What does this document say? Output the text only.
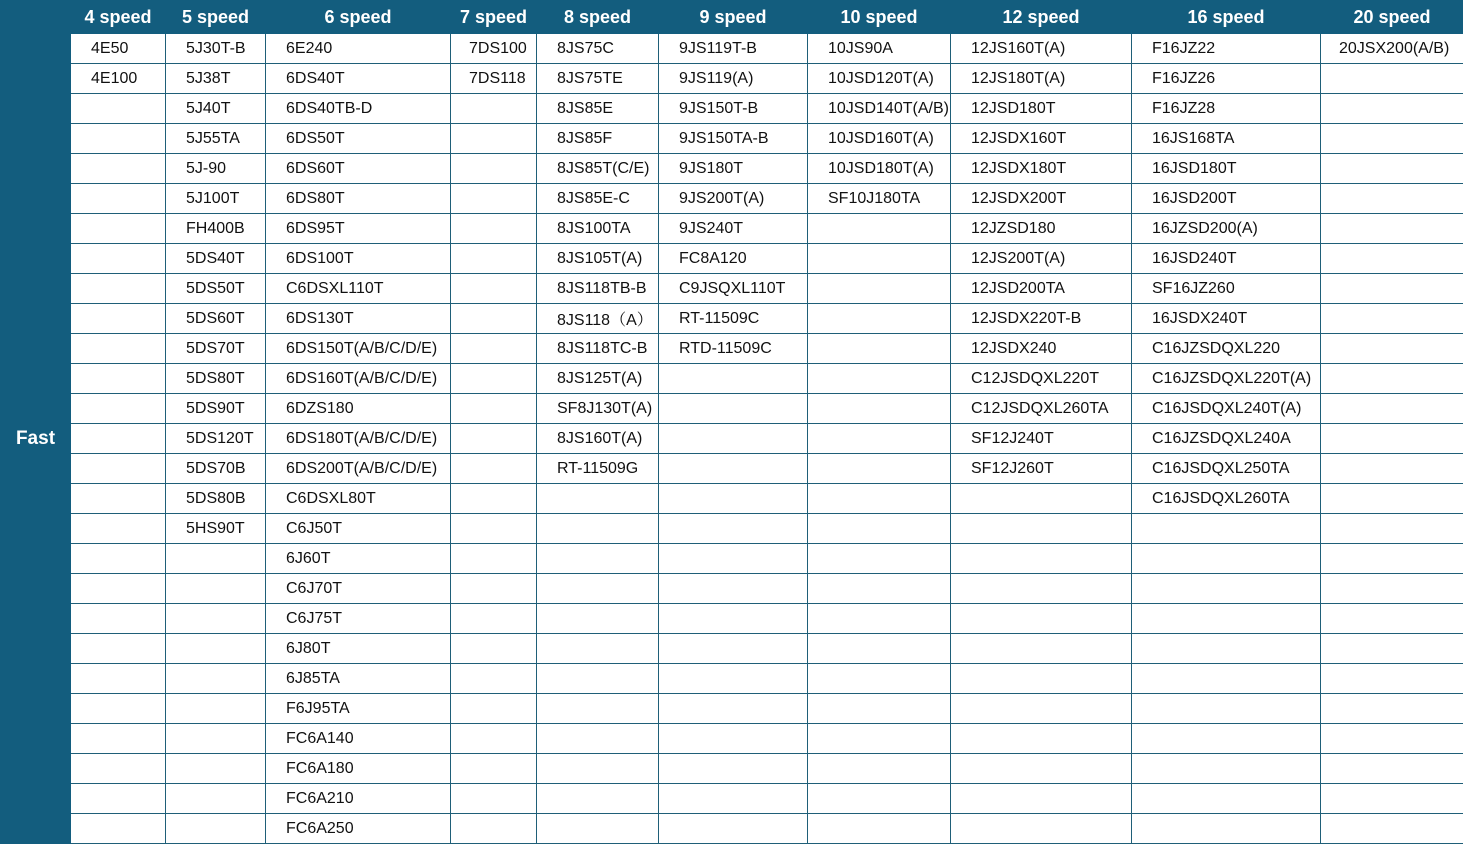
	4 speed	5 speed	6 speed	7 speed	8 speed	9 speed	10 speed	12 speed	16 speed	20 speed
Fast	4E50	5J30T-B	6E240	7DS100	8JS75C	9JS119T-B	10JS90A	12JS160T(A)	F16JZ22	20JSX200(A/B)
	4E100	5J38T	6DS40T	7DS118	8JS75TE	9JS119(A)	10JSD120T(A)	12JS180T(A)	F16JZ26	
		5J40T	6DS40TB-D		8JS85E	9JS150T-B	10JSD140T(A/B)	12JSD180T	F16JZ28	
		5J55TA	6DS50T		8JS85F	9JS150TA-B	10JSD160T(A)	12JSDX160T	16JS168TA	
		5J-90	6DS60T		8JS85T(C/E)	9JS180T	10JSD180T(A)	12JSDX180T	16JSD180T	
		5J100T	6DS80T		8JS85E-C	9JS200T(A)	SF10J180TA	12JSDX200T	16JSD200T	
		FH400B	6DS95T		8JS100TA	9JS240T		12JZSD180	16JZSD200(A)	
		5DS40T	6DS100T		8JS105T(A)	FC8A120		12JS200T(A)	16JSD240T	
		5DS50T	C6DSXL110T		8JS118TB-B	C9JSQXL110T		12JSD200TA	SF16JZ260	
		5DS60T	6DS130T		8JS118（A）	RT-11509C		12JSDX220T-B	16JSDX240T	
		5DS70T	6DS150T(A/B/C/D/E)		8JS118TC-B	RTD-11509C		12JSDX240	C16JZSDQXL220	
		5DS80T	6DS160T(A/B/C/D/E)		8JS125T(A)			C12JSDQXL220T	C16JZSDQXL220T(A)	
		5DS90T	6DZS180		SF8J130T(A)			C12JSDQXL260TA	C16JSDQXL240T(A)	
		5DS120T	6DS180T(A/B/C/D/E)		8JS160T(A)			SF12J240T	C16JZSDQXL240A	
		5DS70B	6DS200T(A/B/C/D/E)		RT-11509G			SF12J260T	C16JSDQXL250TA	
		5DS80B	C6DSXL80T						C16JSDQXL260TA	
		5HS90T	C6J50T							
			6J60T							
			C6J70T							
			C6J75T							
			6J80T							
			6J85TA							
			F6J95TA							
			FC6A140							
			FC6A180							
			FC6A210							
			FC6A250							
